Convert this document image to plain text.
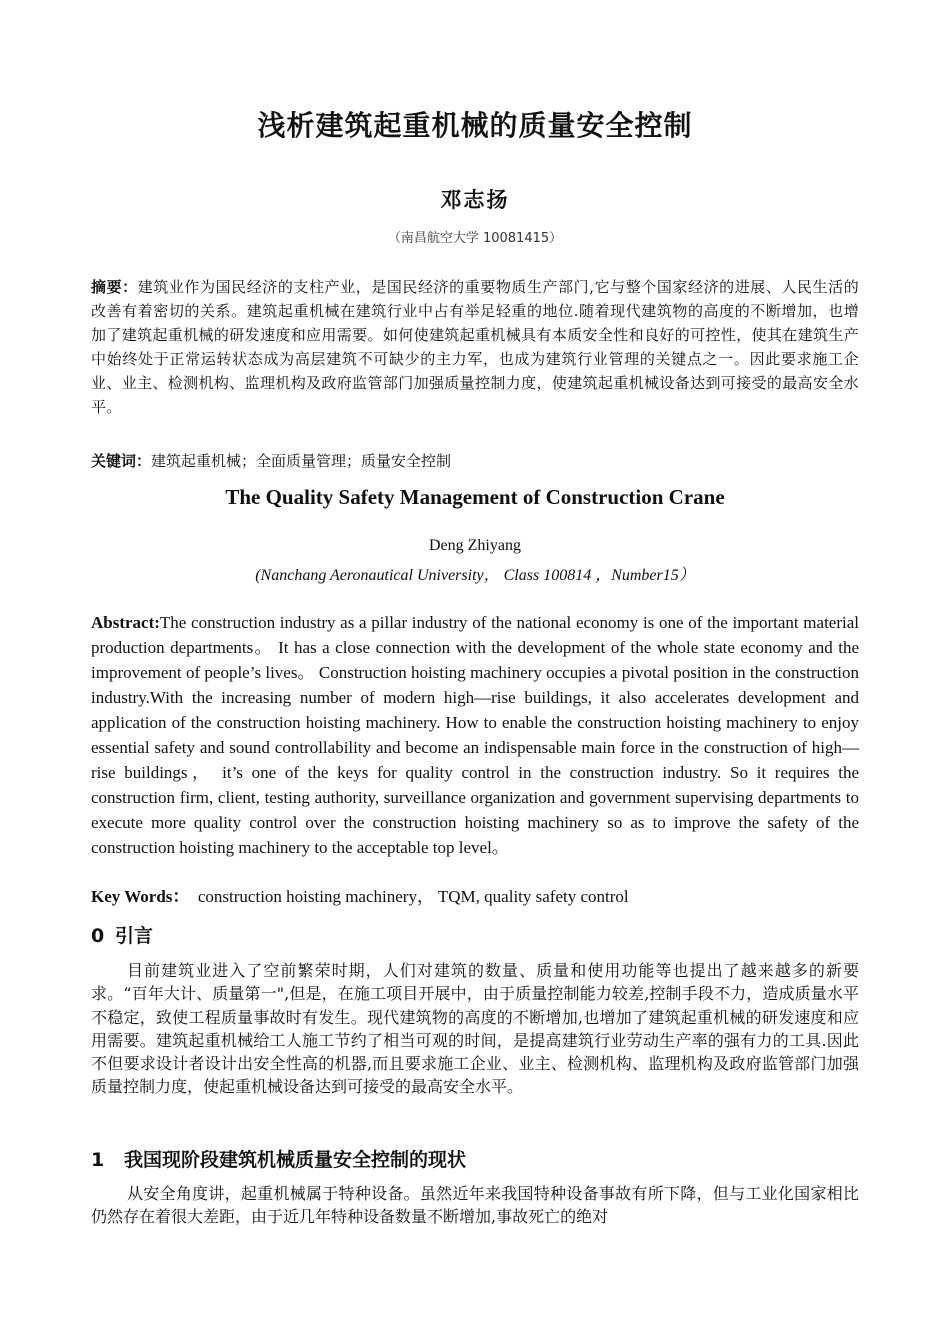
浅析建筑起重机械的质量安全控制
邓志扬
（南昌航空大学 10081415）
摘要：建筑业作为国民经济的支柱产业，是国民经济的重要物质生产部门,它与整个国家经济的进展、人民生活的改善有着密切的关系。建筑起重机械在建筑行业中占有举足轻重的地位.随着现代建筑物的高度的不断增加，也增加了建筑起重机械的研发速度和应用需要。如何使建筑起重机械具有本质安全性和良好的可控性，使其在建筑生产中始终处于正常运转状态成为高层建筑不可缺少的主力军，也成为建筑行业管理的关键点之一。因此要求施工企业、业主、检测机构、监理机构及政府监管部门加强质量控制力度，使建筑起重机械设备达到可接受的最高安全水平。
关键词：建筑起重机械；全面质量管理；质量安全控制
The Quality Safety Management of Construction Crane
Deng Zhiyang
(Nanchang Aeronautical University， Class 100814 ，Number15）
Abstract:The construction industry as a pillar industry of the national economy is one of the important material production departments。 It has a close connection with the development of the whole state economy and the improvement of people’s lives。 Construction hoisting machinery occupies a pivotal position in the construction industry.With the increasing number of modern high—rise buildings, it also accelerates development and application of the construction hoisting machinery. How to enable the construction hoisting machinery to enjoy essential safety and sound controllability and become an indispensable main force in the construction of high—rise buildings， it’s one of the keys for quality control in the construction industry. So it requires the construction firm, client, testing authority, surveillance organization and government supervising departments to execute more quality control over the construction hoisting machinery so as to improve the safety of the construction hoisting machinery to the acceptable top level。
Key Words： construction hoisting machinery， TQM, quality safety control
0 引言
目前建筑业进入了空前繁荣时期，人们对建筑的数量、质量和使用功能等也提出了越来越多的新要求。“百年大计、质量第一",但是，在施工项目开展中，由于质量控制能力较差,控制手段不力，造成质量水平不稳定，致使工程质量事故时有发生。现代建筑物的高度的不断增加,也增加了建筑起重机械的研发速度和应用需要。建筑起重机械给工人施工节约了相当可观的时间，是提高建筑行业劳动生产率的强有力的工具.因此不但要求设计者设计出安全性高的机器,而且要求施工企业、业主、检测机构、监理机构及政府监管部门加强质量控制力度，使起重机械设备达到可接受的最高安全水平。
1 我国现阶段建筑机械质量安全控制的现状
从安全角度讲，起重机械属于特种设备。虽然近年来我国特种设备事故有所下降，但与工业化国家相比仍然存在着很大差距，由于近几年特种设备数量不断增加,事故死亡的绝对
